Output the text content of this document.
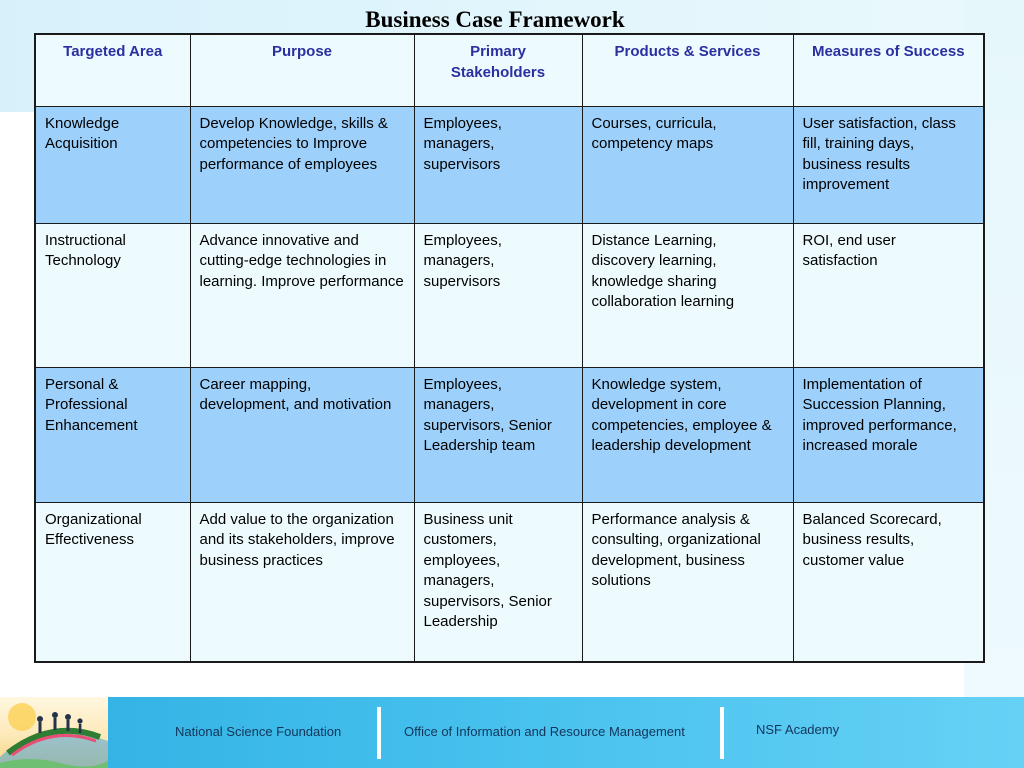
Business Case Framework
Targeted Area	Purpose	Primary Stakeholders	Products & Services	Measures of Success
Knowledge Acquisition	Develop Knowledge, skills & competencies to Improve performance of employees	Employees, managers, supervisors	Courses, curricula, competency maps	User satisfaction, class fill, training days, business results improvement
Instructional Technology	Advance innovative and cutting-edge technologies in learning. Improve performance	Employees, managers, supervisors	Distance Learning, discovery learning, knowledge sharing collaboration learning	ROI, end user satisfaction
Personal & Professional Enhancement	Career mapping, development, and motivation	Employees, managers, supervisors, Senior Leadership team	Knowledge system, development in core competencies, employee & leadership development	Implementation of Succession Planning, improved performance, increased morale
Organizational Effectiveness	Add value to the organization and its stakeholders, improve business practices	Business unit customers, employees, managers, supervisors, Senior Leadership	Performance analysis & consulting, organizational development, business solutions	Balanced Scorecard, business results, customer value
National Science Foundation	Office of Information and Resource Management	NSF Academy
